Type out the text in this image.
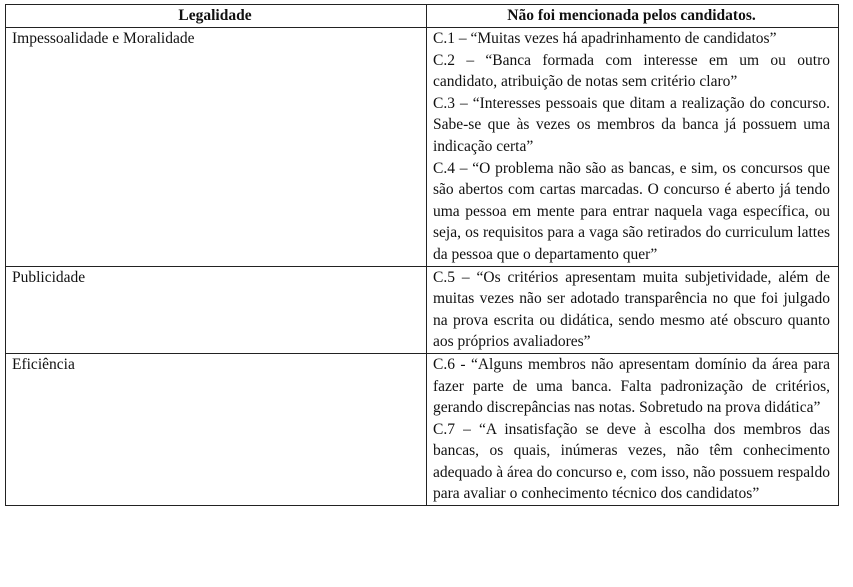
Legalidade	Não foi mencionada pelos candidatos.
Impessoalidade e Moralidade	C.1 – “Muitas vezes há apadrinhamento de candidatos”
C.2 – “Banca formada com interesse em um ou outro candidato, atribuição de notas sem critério claro”
C.3 – “Interesses pessoais que ditam a realização do concurso. Sabe-se que às vezes os membros da banca já possuem uma indicação certa”
C.4 – “O problema não são as bancas, e sim, os concursos que são abertos com cartas marcadas. O concurso é aberto já tendo uma pessoa em mente para entrar naquela vaga específica, ou seja, os requisitos para a vaga são retirados do curriculum lattes da pessoa que o departamento quer”

Publicidade	C.5 – “Os critérios apresentam muita subjetividade, além de muitas vezes não ser adotado transparência no que foi julgado na prova escrita ou didática, sendo mesmo até obscuro quanto aos próprios avaliadores”

Eficiência	C.6 - “Alguns membros não apresentam domínio da área para fazer parte de uma banca. Falta padronização de critérios, gerando discrepâncias nas notas. Sobretudo na prova didática”
C.7 – “A insatisfação se deve à escolha dos membros das bancas, os quais, inúmeras vezes, não têm conhecimento adequado à área do concurso e, com isso, não possuem respaldo para avaliar o conhecimento técnico dos candidatos”
